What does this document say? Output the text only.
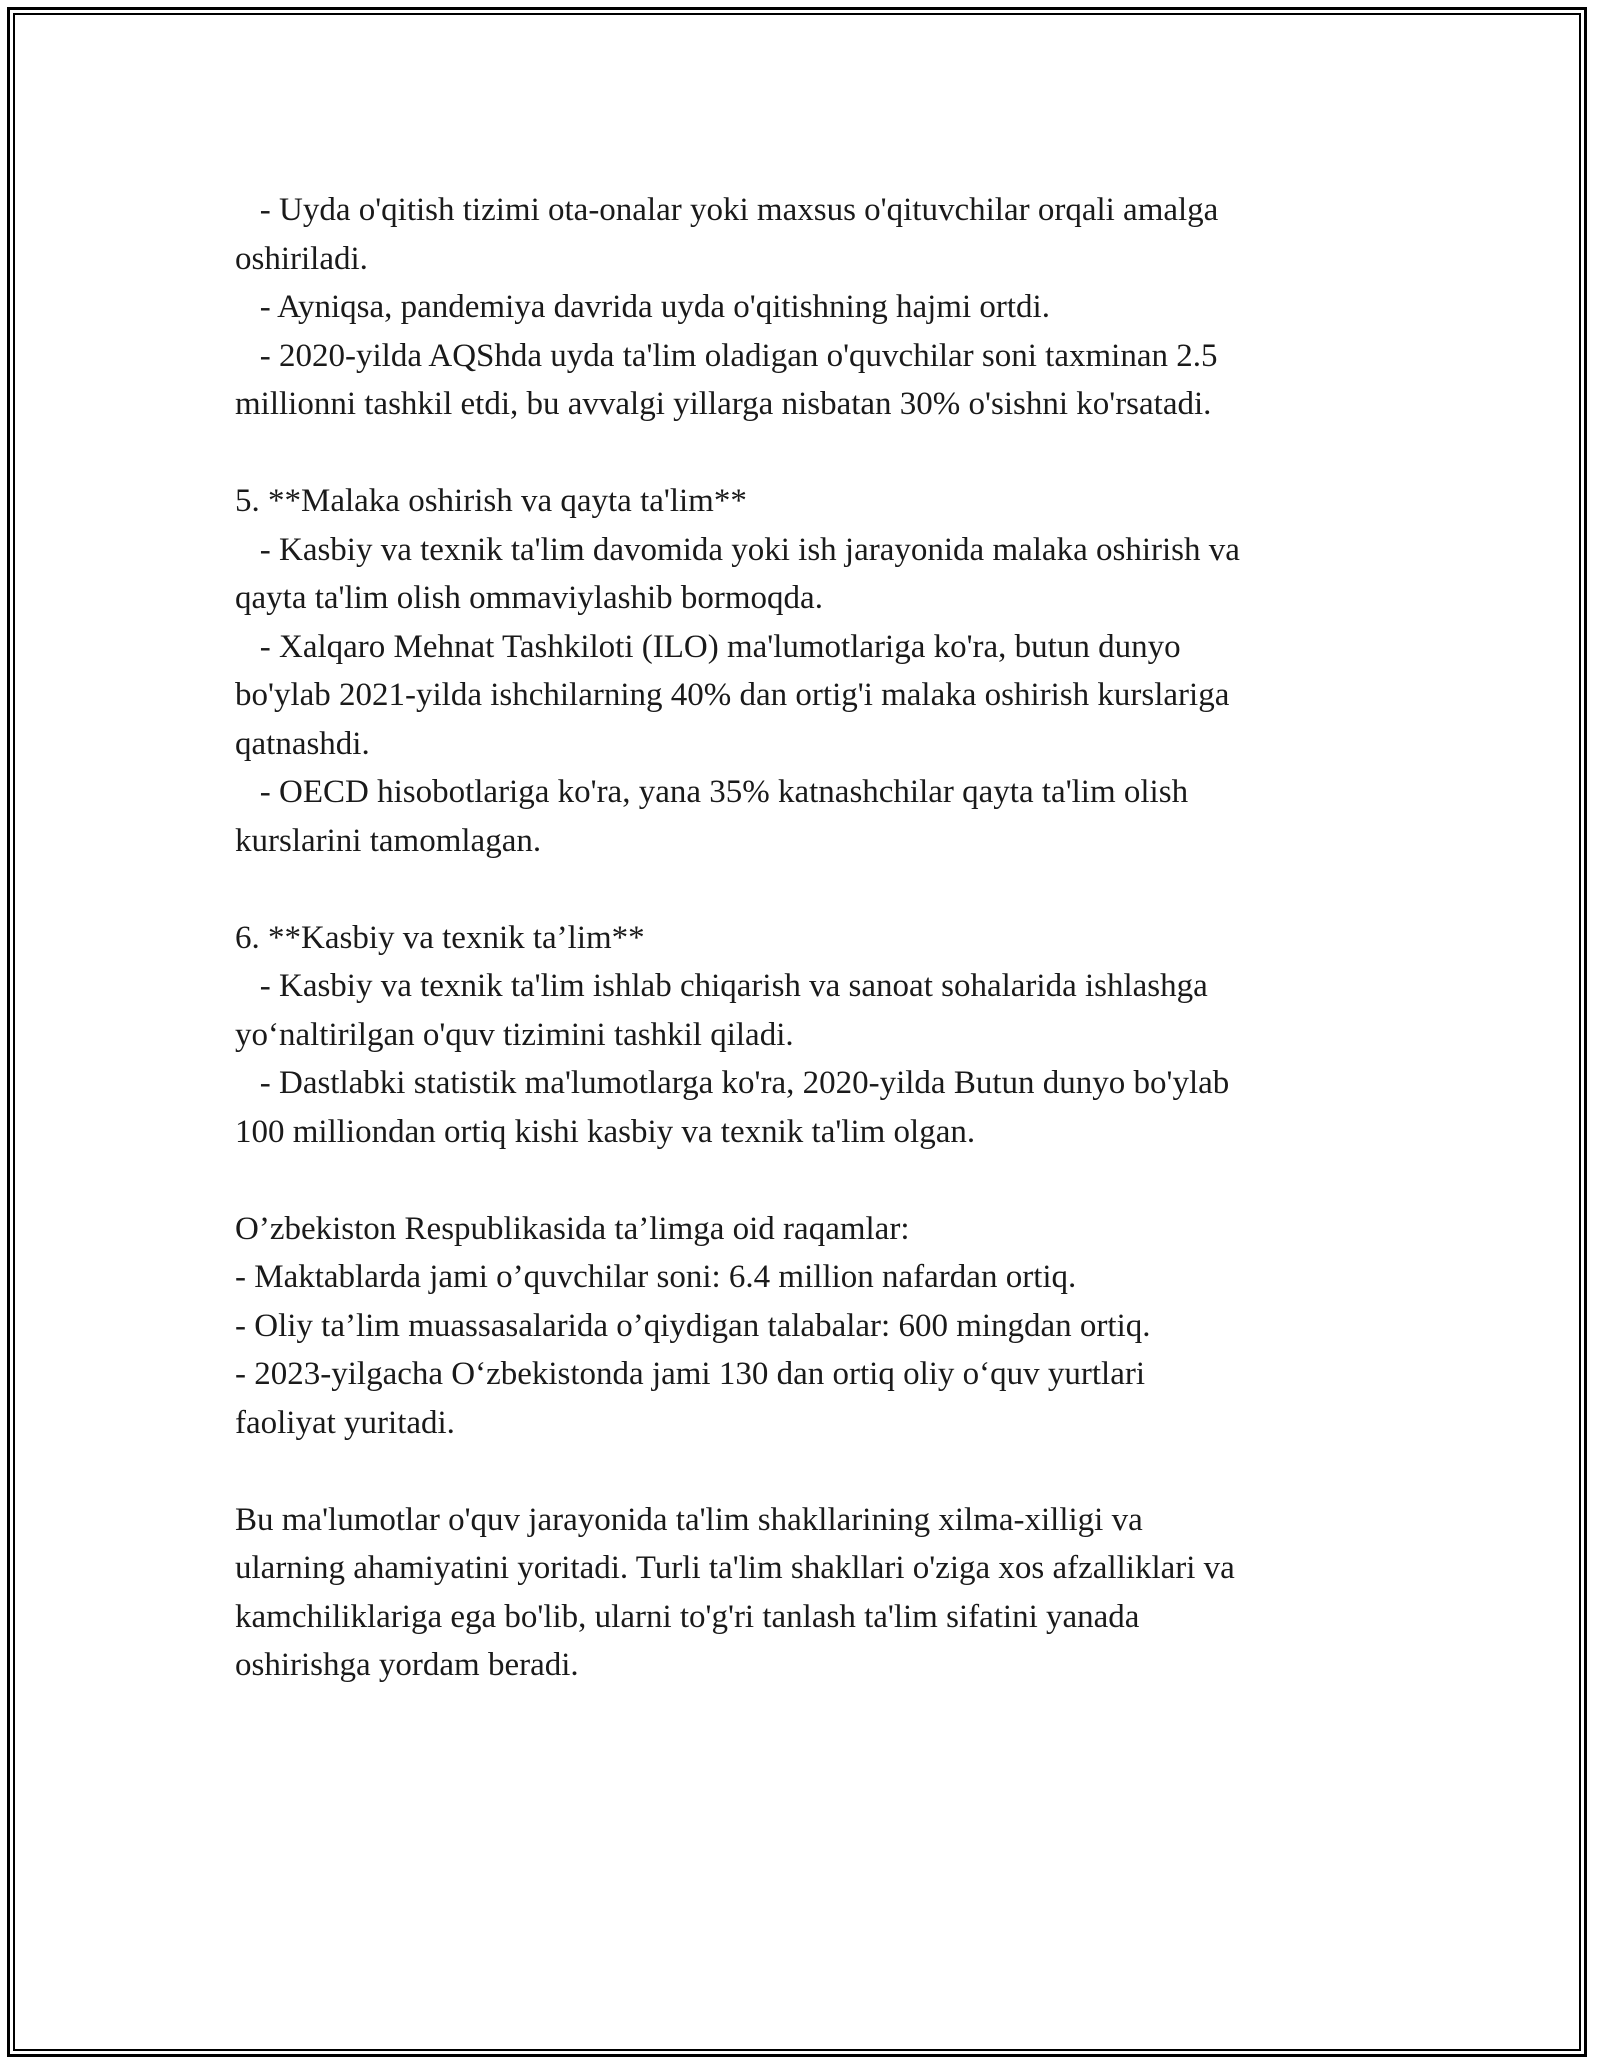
- Uyda o'qitish tizimi ota-onalar yoki maxsus o'qituvchilar orqali amalga
oshiriladi.
- Ayniqsa, pandemiya davrida uyda o'qitishning hajmi ortdi.
- 2020-yilda AQShda uyda ta'lim oladigan o'quvchilar soni taxminan 2.5
millionni tashkil etdi, bu avvalgi yillarga nisbatan 30% o'sishni ko'rsatadi.
5. **Malaka oshirish va qayta ta'lim**
- Kasbiy va texnik ta'lim davomida yoki ish jarayonida malaka oshirish va
qayta ta'lim olish ommaviylashib bormoqda.
- Xalqaro Mehnat Tashkiloti (ILO) ma'lumotlariga ko'ra, butun dunyo
bo'ylab 2021-yilda ishchilarning 40% dan ortig'i malaka oshirish kurslariga
qatnashdi.
- OECD hisobotlariga ko'ra, yana 35% katnashchilar qayta ta'lim olish
kurslarini tamomlagan.
6. **Kasbiy va texnik ta’lim**
- Kasbiy va texnik ta'lim ishlab chiqarish va sanoat sohalarida ishlashga
yo‘naltirilgan o'quv tizimini tashkil qiladi.
- Dastlabki statistik ma'lumotlarga ko'ra, 2020-yilda Butun dunyo bo'ylab
100 milliondan ortiq kishi kasbiy va texnik ta'lim olgan.
O’zbekiston Respublikasida ta’limga oid raqamlar:
- Maktablarda jami o’quvchilar soni: 6.4 million nafardan ortiq.
- Oliy ta’lim muassasalarida o’qiydigan talabalar: 600 mingdan ortiq.
- 2023-yilgacha O‘zbekistonda jami 130 dan ortiq oliy o‘quv yurtlari
faoliyat yuritadi.
Bu ma'lumotlar o'quv jarayonida ta'lim shakllarining xilma-xilligi va
ularning ahamiyatini yoritadi. Turli ta'lim shakllari o'ziga xos afzalliklari va
kamchiliklariga ega bo'lib, ularni to'g'ri tanlash ta'lim sifatini yanada
oshirishga yordam beradi.
